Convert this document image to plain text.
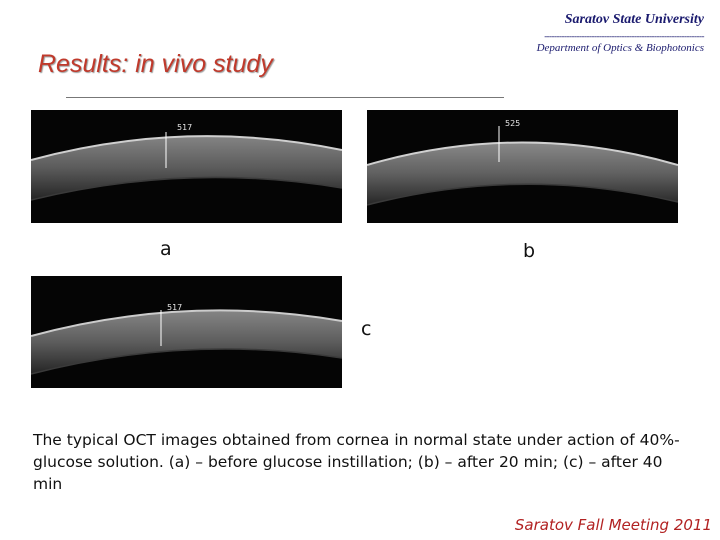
Saratov State University
----------------------------------------------------------------
Department of Optics & Biophotonics
Results: in vivo study
517
a
525
b
517
c
The typical OCT images obtained from cornea in normal state under action of 40%-glucose solution. (a) – before glucose instillation; (b) – after 20 min; (c) – after 40 min
Saratov Fall Meeting 2011
